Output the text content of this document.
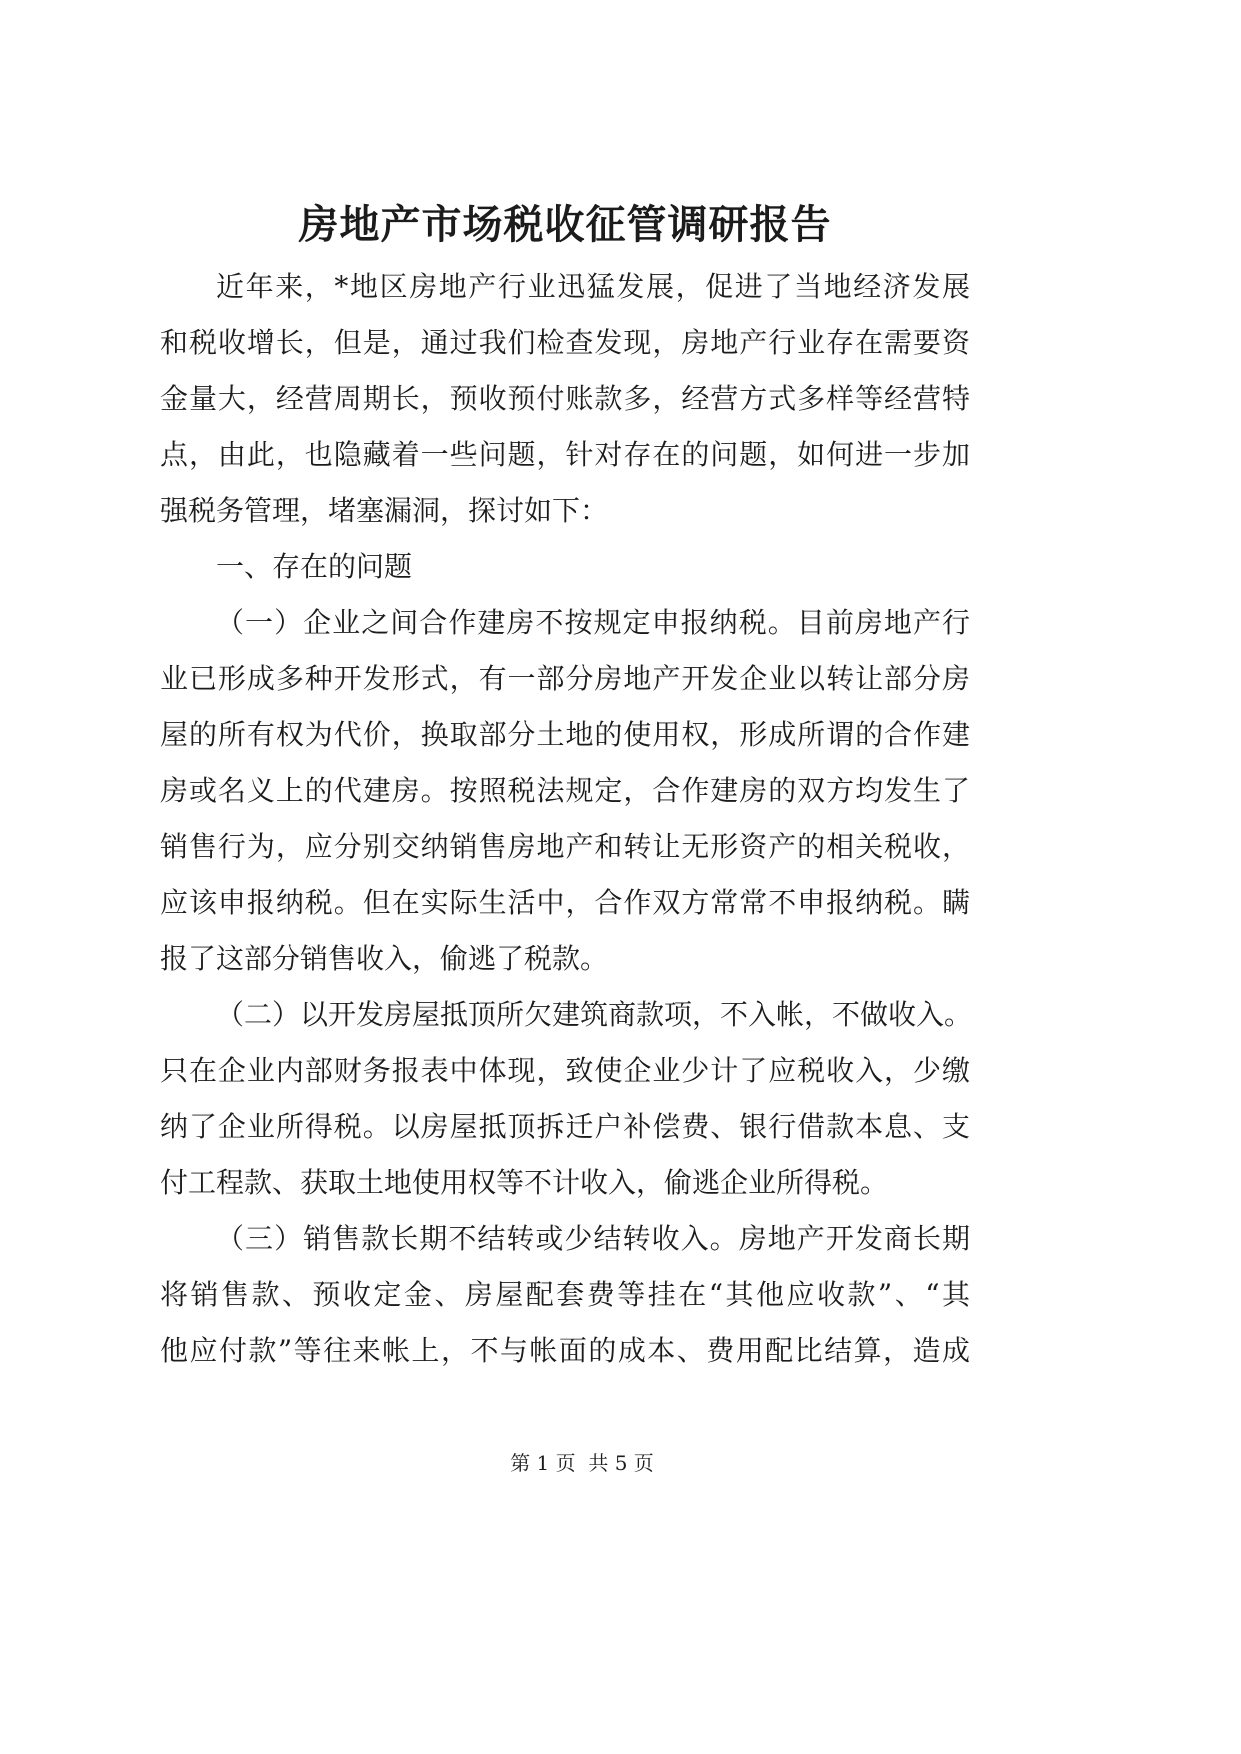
房地产市场税收征管调研报告
近年来，*地区房地产行业迅猛发展，促进了当地经济发展
和税收增长，但是，通过我们检查发现，房地产行业存在需要资
金量大，经营周期长，预收预付账款多，经营方式多样等经营特
点，由此，也隐藏着一些问题，针对存在的问题，如何进一步加
强税务管理，堵塞漏洞，探讨如下：
一、存在的问题
（一）企业之间合作建房不按规定申报纳税。目前房地产行
业已形成多种开发形式，有一部分房地产开发企业以转让部分房
屋的所有权为代价，换取部分土地的使用权，形成所谓的合作建
房或名义上的代建房。按照税法规定，合作建房的双方均发生了
销售行为，应分别交纳销售房地产和转让无形资产的相关税收，
应该申报纳税。但在实际生活中，合作双方常常不申报纳税。瞒
报了这部分销售收入，偷逃了税款。
（二）以开发房屋抵顶所欠建筑商款项，不入帐，不做收入。
只在企业内部财务报表中体现，致使企业少计了应税收入，少缴
纳了企业所得税。以房屋抵顶拆迁户补偿费、银行借款本息、支
付工程款、获取土地使用权等不计收入，偷逃企业所得税。
（三）销售款长期不结转或少结转收入。房地产开发商长期
将销售款、预收定金、房屋配套费等挂在“其他应收款”、“其
他应付款”等往来帐上，不与帐面的成本、费用配比结算，造成
第 1 页  共 5 页
